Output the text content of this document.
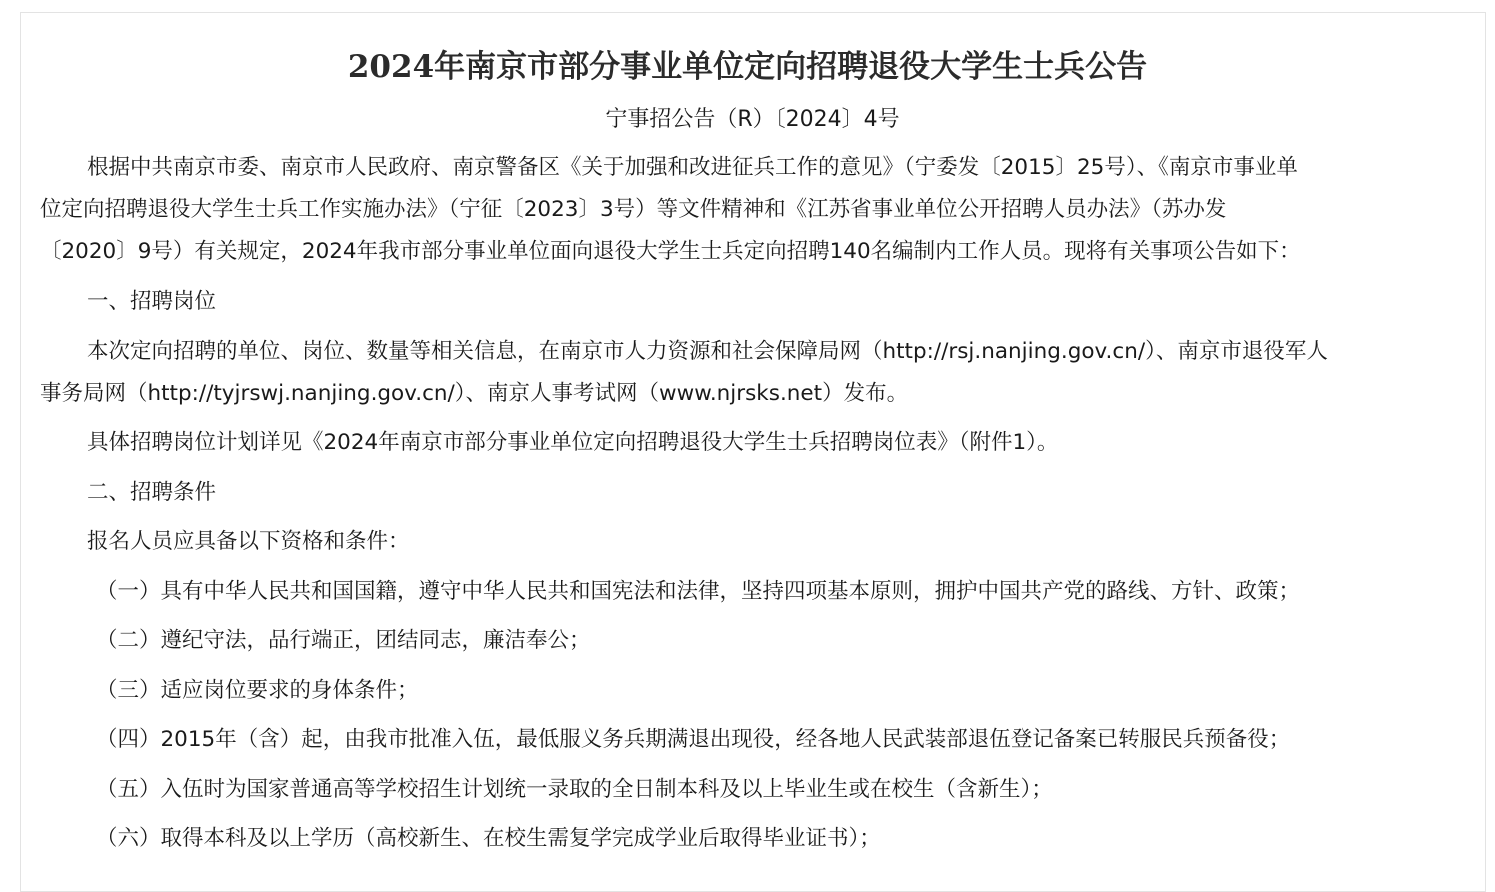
2024年南京市部分事业单位定向招聘退役大学生士兵公告
宁事招公告（R）〔2024〕4号

根据中共南京市委、南京市人民政府、南京警备区《关于加强和改进征兵工作的意见》（宁委发〔2015〕25号）、《南京市事业单

位定向招聘退役大学生士兵工作实施办法》（宁征〔2023〕3号）等文件精神和《江苏省事业单位公开招聘人员办法》（苏办发

〔2020〕9号）有关规定，2024年我市部分事业单位面向退役大学生士兵定向招聘140名编制内工作人员。现将有关事项公告如下：

一、招聘岗位

本次定向招聘的单位、岗位、数量等相关信息，在南京市人力资源和社会保障局网（http://rsj.nanjing.gov.cn/）、南京市退役军人

事务局网（http://tyjrswj.nanjing.gov.cn/）、南京人事考试网（www.njrsks.net）发布。

具体招聘岗位计划详见《2024年南京市部分事业单位定向招聘退役大学生士兵招聘岗位表》（附件1）。

二、招聘条件

报名人员应具备以下资格和条件：

（一）具有中华人民共和国国籍，遵守中华人民共和国宪法和法律，坚持四项基本原则，拥护中国共产党的路线、方针、政策；

（二）遵纪守法，品行端正，团结同志，廉洁奉公；

（三）适应岗位要求的身体条件；

（四）2015年（含）起，由我市批准入伍，最低服义务兵期满退出现役，经各地人民武装部退伍登记备案已转服民兵预备役；

（五）入伍时为国家普通高等学校招生计划统一录取的全日制本科及以上毕业生或在校生（含新生）；

（六）取得本科及以上学历（高校新生、在校生需复学完成学业后取得毕业证书）；
